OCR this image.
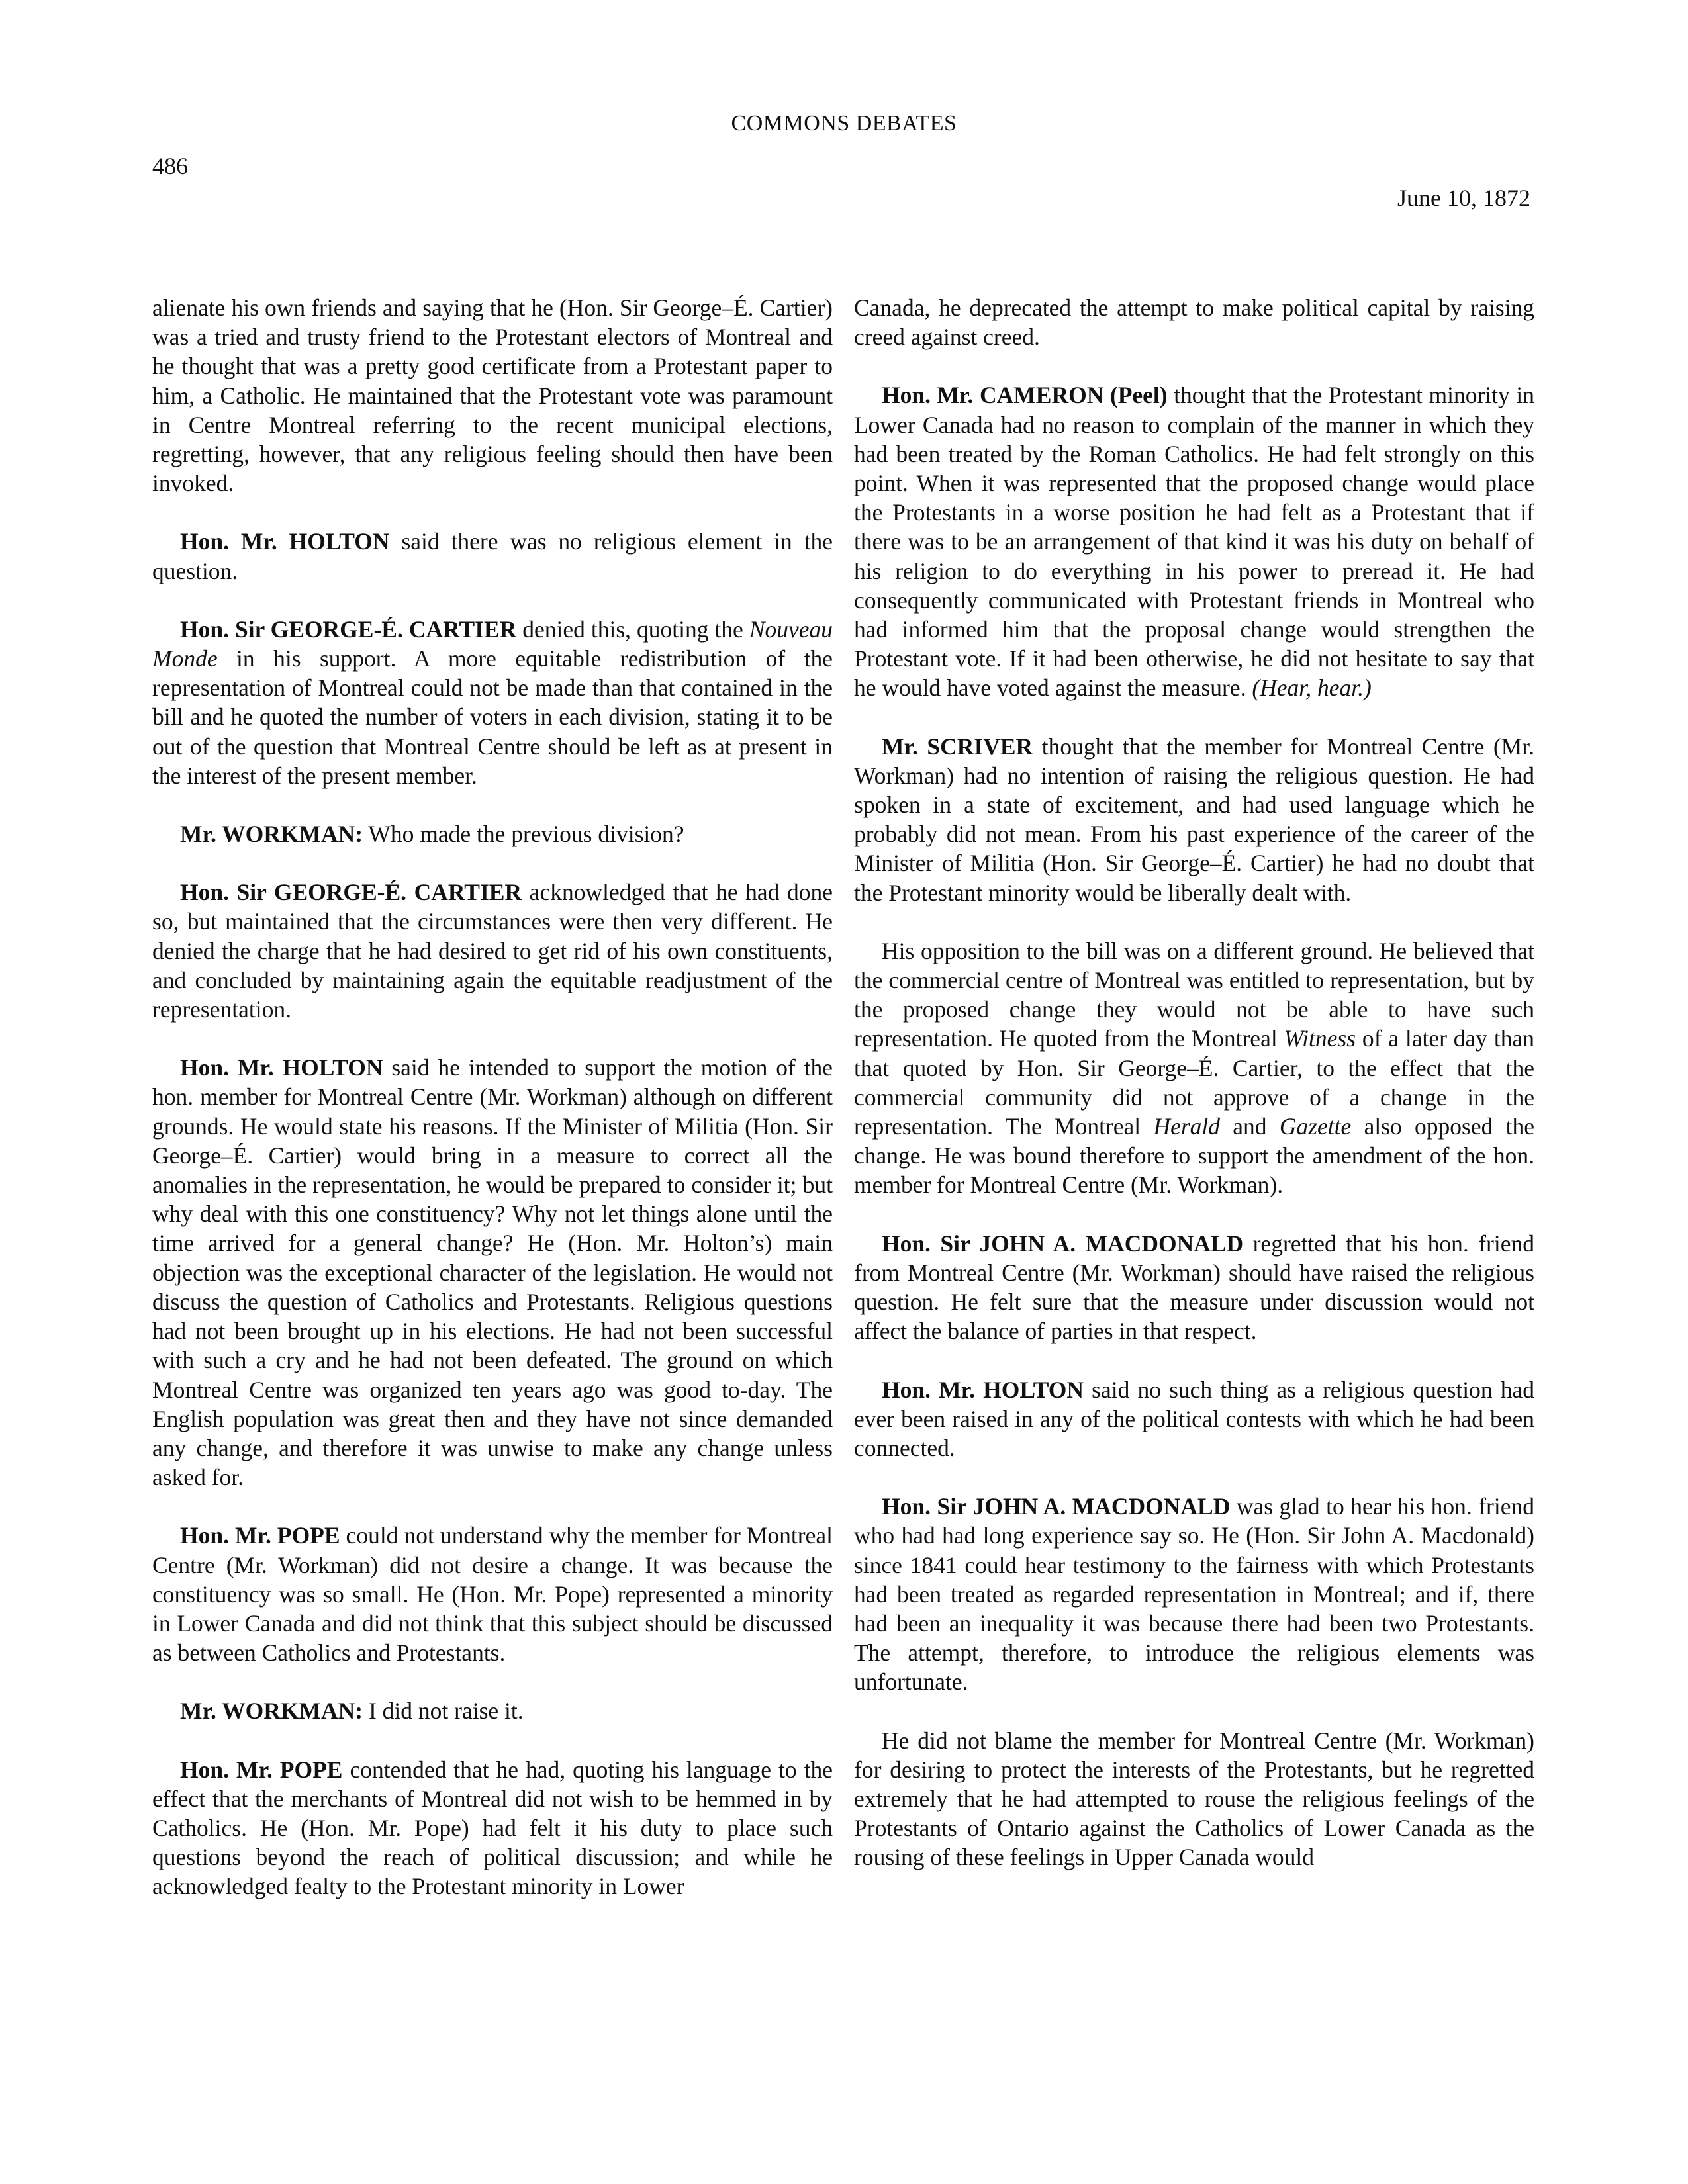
COMMONS DEBATES
486
June 10, 1872

alienate his own friends and saying that he (Hon. Sir George–É. Cartier) was a tried and trusty friend to the Protestant electors of Montreal and he thought that was a pretty good certificate from a Protestant paper to him, a Catholic. He maintained that the Protestant vote was paramount in Centre Montreal referring to the recent municipal elections, regretting, however, that any religious feeling should then have been invoked.

Hon. Mr. HOLTON said there was no religious element in the question.

Hon. Sir GEORGE-É. CARTIER denied this, quoting the Nouveau Monde in his support. A more equitable redistribution of the representation of Montreal could not be made than that contained in the bill and he quoted the number of voters in each division, stating it to be out of the question that Montreal Centre should be left as at present in the interest of the present member.

Mr. WORKMAN: Who made the previous division?

Hon. Sir GEORGE-É. CARTIER acknowledged that he had done so, but maintained that the circumstances were then very different. He denied the charge that he had desired to get rid of his own constituents, and concluded by maintaining again the equitable readjustment of the representation.

Hon. Mr. HOLTON said he intended to support the motion of the hon. member for Montreal Centre (Mr. Workman) although on different grounds. He would state his reasons. If the Minister of Militia (Hon. Sir George–É. Cartier) would bring in a measure to correct all the anomalies in the representation, he would be prepared to consider it; but why deal with this one constituency? Why not let things alone until the time arrived for a general change? He (Hon. Mr. Holton’s) main objection was the exceptional character of the legislation. He would not discuss the question of Catholics and Protestants. Religious questions had not been brought up in his elections. He had not been successful with such a cry and he had not been defeated. The ground on which Montreal Centre was organized ten years ago was good to-day. The English population was great then and they have not since demanded any change, and therefore it was unwise to make any change unless asked for.

Hon. Mr. POPE could not understand why the member for Montreal Centre (Mr. Workman) did not desire a change. It was because the constituency was so small. He (Hon. Mr. Pope) represented a minority in Lower Canada and did not think that this subject should be discussed as between Catholics and Protestants.

Mr. WORKMAN: I did not raise it.

Hon. Mr. POPE contended that he had, quoting his language to the effect that the merchants of Montreal did not wish to be hemmed in by Catholics. He (Hon. Mr. Pope) had felt it his duty to place such questions beyond the reach of political discussion; and while he acknowledged fealty to the Protestant minority in Lower

Canada, he deprecated the attempt to make political capital by raising creed against creed.

Hon. Mr. CAMERON (Peel) thought that the Protestant minority in Lower Canada had no reason to complain of the manner in which they had been treated by the Roman Catholics. He had felt strongly on this point. When it was represented that the proposed change would place the Protestants in a worse position he had felt as a Protestant that if there was to be an arrangement of that kind it was his duty on behalf of his religion to do everything in his power to preread it. He had consequently communicated with Protestant friends in Montreal who had informed him that the proposal change would strengthen the Protestant vote. If it had been otherwise, he did not hesitate to say that he would have voted against the measure. (Hear, hear.)

Mr. SCRIVER thought that the member for Montreal Centre (Mr. Workman) had no intention of raising the religious question. He had spoken in a state of excitement, and had used language which he probably did not mean. From his past experience of the career of the Minister of Militia (Hon. Sir George–É. Cartier) he had no doubt that the Protestant minority would be liberally dealt with.

His opposition to the bill was on a different ground. He believed that the commercial centre of Montreal was entitled to representation, but by the proposed change they would not be able to have such representation. He quoted from the Montreal Witness of a later day than that quoted by Hon. Sir George–É. Cartier, to the effect that the commercial community did not approve of a change in the representation. The Montreal Herald and Gazette also opposed the change. He was bound therefore to support the amendment of the hon. member for Montreal Centre (Mr. Workman).

Hon. Sir JOHN A. MACDONALD regretted that his hon. friend from Montreal Centre (Mr. Workman) should have raised the religious question. He felt sure that the measure under discussion would not affect the balance of parties in that respect.

Hon. Mr. HOLTON said no such thing as a religious question had ever been raised in any of the political contests with which he had been connected.

Hon. Sir JOHN A. MACDONALD was glad to hear his hon. friend who had had long experience say so. He (Hon. Sir John A. Macdonald) since 1841 could hear testimony to the fairness with which Protestants had been treated as regarded representation in Montreal; and if, there had been an inequality it was because there had been two Protestants. The attempt, therefore, to introduce the religious elements was unfortunate.

He did not blame the member for Montreal Centre (Mr. Workman) for desiring to protect the interests of the Protestants, but he regretted extremely that he had attempted to rouse the religious feelings of the Protestants of Ontario against the Catholics of Lower Canada as the rousing of these feelings in Upper Canada would
